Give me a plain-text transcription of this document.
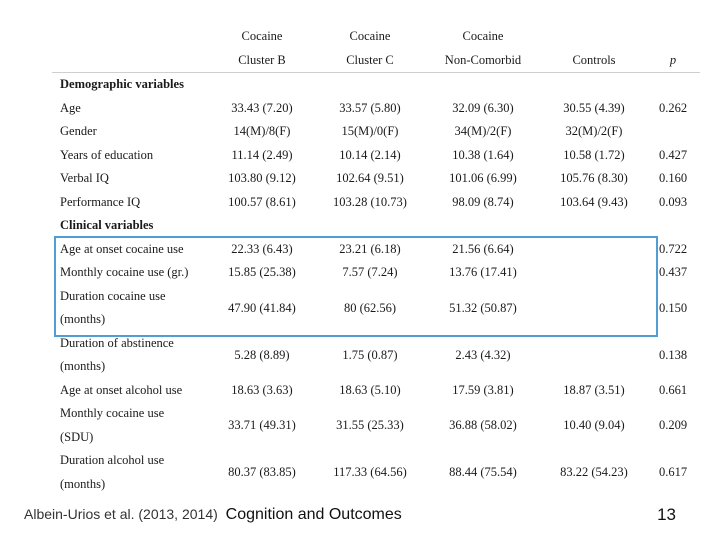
	Cocaine	Cocaine	Cocaine		
	Cluster B	Cluster C	Non-Comorbid	Controls	p
Demographic variables					
Age	33.43 (7.20)	33.57 (5.80)	32.09 (6.30)	30.55 (4.39)	0.262
Gender	14(M)/8(F)	15(M)/0(F)	34(M)/2(F)	32(M)/2(F)	
Years of education	11.14 (2.49)	10.14 (2.14)	10.38 (1.64)	10.58 (1.72)	0.427
Verbal IQ	103.80 (9.12)	102.64 (9.51)	101.06 (6.99)	105.76 (8.30)	0.160
Performance IQ	100.57 (8.61)	103.28 (10.73)	98.09 (8.74)	103.64 (9.43)	0.093
Clinical variables					
Age at onset cocaine use	22.33 (6.43)	23.21 (6.18)	21.56 (6.64)		0.722
Monthly cocaine use (gr.)	15.85 (25.38)	7.57 (7.24)	13.76 (17.41)		0.437
Duration cocaine use	47.90 (41.84)	80 (62.56)	51.32 (50.87)		0.150
(months)					
Duration of abstinence	5.28 (8.89)	1.75 (0.87)	2.43 (4.32)		0.138
(months)					
Age at onset alcohol use	18.63 (3.63)	18.63 (5.10)	17.59 (3.81)	18.87 (3.51)	0.661
Monthly cocaine use	33.71 (49.31)	31.55 (25.33)	36.88 (58.02)	10.40 (9.04)	0.209
(SDU)					
Duration alcohol use	80.37 (83.85)	117.33 (64.56)	88.44 (75.54)	83.22 (54.23)	0.617
(months)					
Albein-Urios et al. (2013, 2014) Cognition and Outcomes	13
